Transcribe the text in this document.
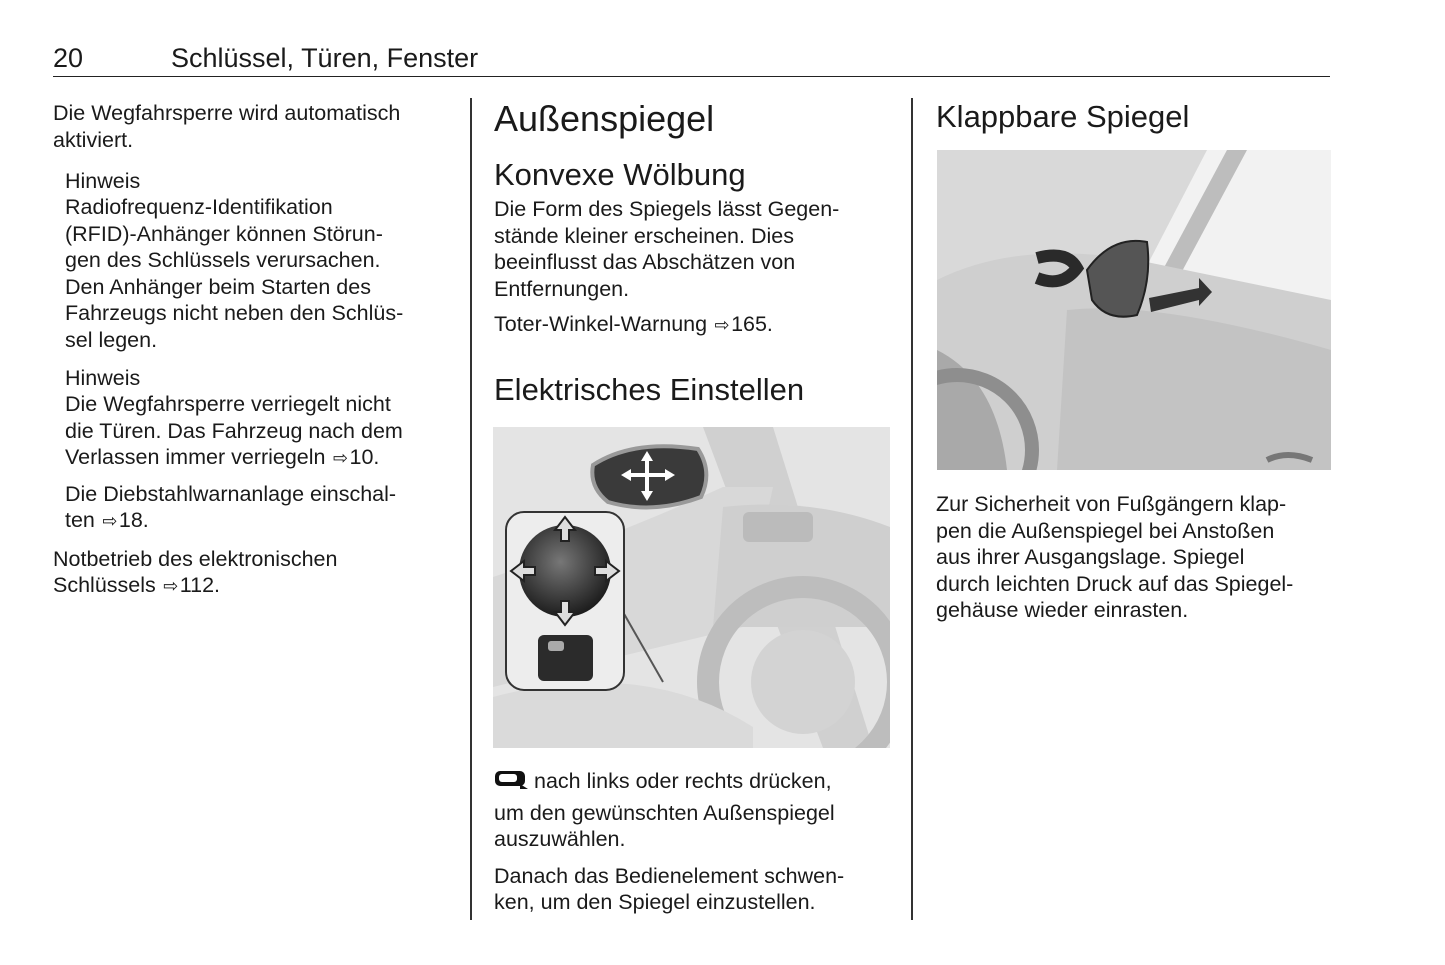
20	Schlüssel, Türen, Fenster

Die Wegfahrsperre wird automatisch aktiviert.

Hinweis

Radiofrequenz-Identifikation

(RFID)-Anhänger können Störun-

gen des Schlüssels verursachen.

Den Anhänger beim Starten des

Fahrzeugs nicht neben den Schlüs-

sel legen.

Hinweis

Die Wegfahrsperre verriegelt nicht

die Türen. Das Fahrzeug nach dem

Verlassen immer verriegeln ⇨10.

Die Diebstahlwarnanlage einschal-

ten ⇨18.

Notbetrieb des elektronischen

Schlüssels ⇨112.

Außenspiegel
Konvexe Wölbung

Die Form des Spiegels lässt Gegen-

stände kleiner erscheinen. Dies

beeinflusst das Abschätzen von

Entfernungen.

Toter-Winkel-Warnung ⇨165.

Elektrisches Einstellen

nach links oder rechts drücken,

um den gewünschten Außenspiegel

auszuwählen.

Danach das Bedienelement schwen-

ken, um den Spiegel einzustellen.

Klappbare Spiegel

Zur Sicherheit von Fußgängern klap-

pen die Außenspiegel bei Anstoßen

aus ihrer Ausgangslage. Spiegel

durch leichten Druck auf das Spiegel-

gehäuse wieder einrasten.
